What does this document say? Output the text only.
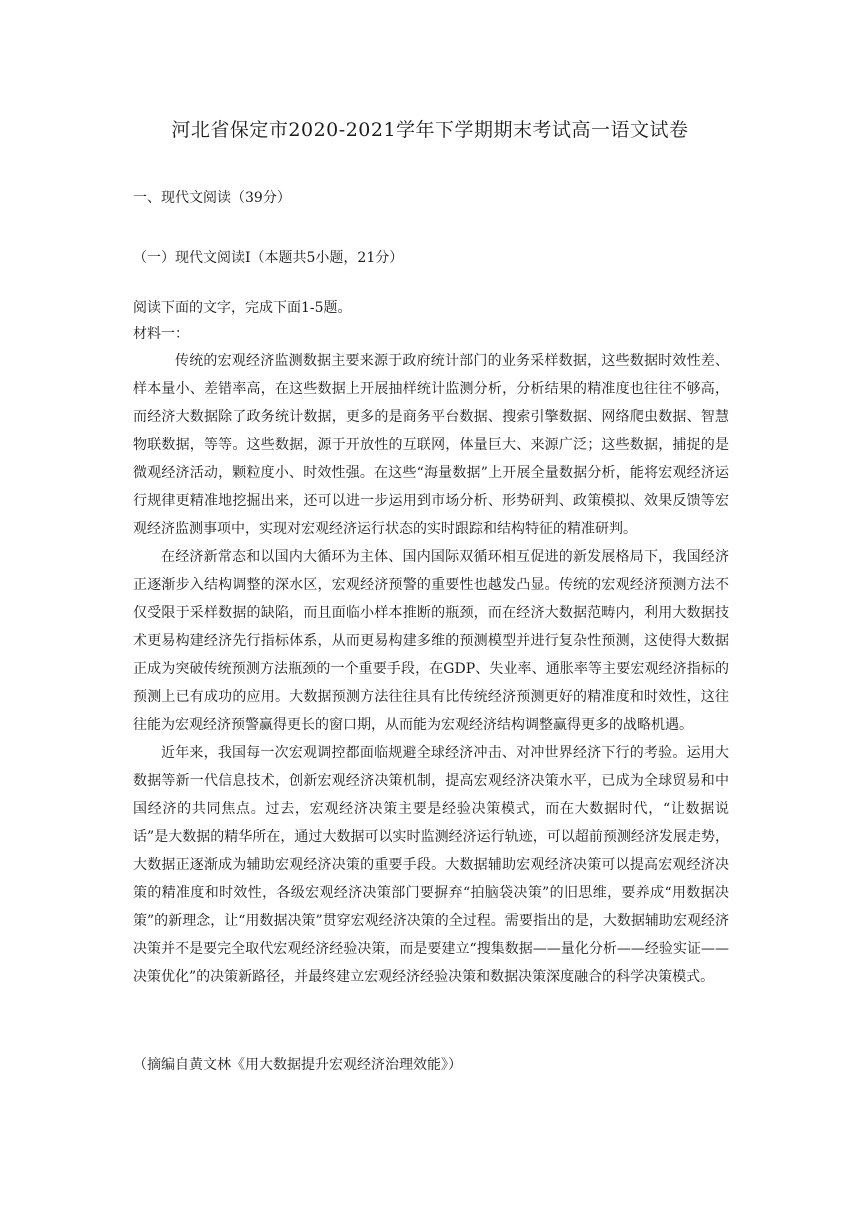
河北省保定市2020-2021学年下学期期末考试高一语文试卷
一、现代文阅读（39分）
（一）现代文阅读Ⅰ（本题共5小题，21分）
阅读下面的文字，完成下面1-5题。
材料一：

传统的宏观经济监测数据主要来源于政府统计部门的业务采样数据，这些数据时效性差、样本量小、差错率高，在这些数据上开展抽样统计监测分析，分析结果的精准度也往往不够高，而经济大数据除了政务统计数据，更多的是商务平台数据、搜索引擎数据、网络爬虫数据、智慧物联数据，等等。这些数据，源于开放性的互联网，体量巨大、来源广泛；这些数据，捕捉的是微观经济活动，颗粒度小、时效性强。在这些“海量数据”上开展全量数据分析，能将宏观经济运行规律更精准地挖掘出来，还可以进一步运用到市场分析、形势研判、政策模拟、效果反馈等宏观经济监测事项中，实现对宏观经济运行状态的实时跟踪和结构特征的精准研判。

在经济新常态和以国内大循环为主体、国内国际双循环相互促进的新发展格局下，我国经济正逐渐步入结构调整的深水区，宏观经济预警的重要性也越发凸显。传统的宏观经济预测方法不仅受限于采样数据的缺陷，而且面临小样本推断的瓶颈，而在经济大数据范畴内，利用大数据技术更易构建经济先行指标体系，从而更易构建多维的预测模型并进行复杂性预测，这使得大数据正成为突破传统预测方法瓶颈的一个重要手段，在GDP、失业率、通胀率等主要宏观经济指标的预测上已有成功的应用。大数据预测方法往往具有比传统经济预测更好的精准度和时效性，这往往能为宏观经济预警赢得更长的窗口期，从而能为宏观经济结构调整赢得更多的战略机遇。

近年来，我国每一次宏观调控都面临规避全球经济冲击、对冲世界经济下行的考验。运用大数据等新一代信息技术，创新宏观经济决策机制，提高宏观经济决策水平，已成为全球贸易和中国经济的共同焦点。过去，宏观经济决策主要是经验决策模式，而在大数据时代，“让数据说话”是大数据的精华所在，通过大数据可以实时监测经济运行轨迹，可以超前预测经济发展走势，大数据正逐渐成为辅助宏观经济决策的重要手段。大数据辅助宏观经济决策可以提高宏观经济决策的精准度和时效性，各级宏观经济决策部门要摒弃“拍脑袋决策”的旧思维，要养成“用数据决策”的新理念，让“用数据决策”贯穿宏观经济决策的全过程。需要指出的是，大数据辅助宏观经济决策并不是要完全取代宏观经济经验决策，而是要建立“搜集数据——量化分析——经验实证——决策优化”的决策新路径，并最终建立宏观经济经验决策和数据决策深度融合的科学决策模式。

（摘编自黄文林《用大数据提升宏观经济治理效能》）
